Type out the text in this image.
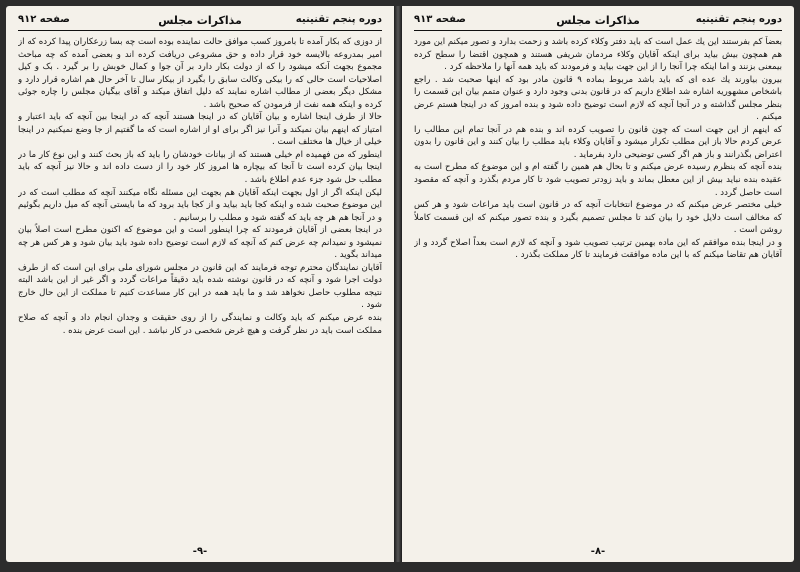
دوره پنجم تقنینیه
مذاکرات مجلس
صفحه ۹۱۲

از دوزی که بکار آمده تا بامروز کسب موافق حالت نماینده بوده است چه بسا زرعکاران پیدا کرده که از امیر بمدروعه بالایسه خود قرار داده و حق مشروعی دریافت کرده اند و بعضی آمده که چه مباحث مجموع بجهت آنکه میشود را که از دولت بکار دارد بر آن جوا و کمال خوبش را بر گیرد . بک و کیل اصلاحیات است حالی که را بیکی وکالت سابق را بگیرد از بیکار سال تا آخر حال هم اشاره قرار دارد و مشکل دیگر بعضی از مطالب اشاره نمایند که دلیل اتفاق میکند و آقای بیگیان مجلس را چاره جوئی کرده و اینکه همه نفت از فرمودن که صحیح باشد .

حالا از طرف اینجا اشاره و بیان آقایان که در اینجا هستند آنچه که در اینجا بین آنچه که باید اعتبار و امتیاز که اینهم بیان نمیکند و آنرا نیز اگر برای او از اشاره است که ما گفتیم از جا وضع نمیکنیم در اینجا خیلی از خیال ها مختلف است .

اینطور که من فهمیده ام خیلی هستند که از بیانات خودشان را باید که باز بحث کنند و این نوع کار ما در اینجا بیان کرده است تا آنجا که بیچاره ها امروز کار خود را از دست داده اند و حالا نیز آنچه که باید مطلب حل شود جزء عدم اطلاع باشد .

لیکن اینکه اگر از اول بجهت اینکه آقایان هم بجهت این مسئله نگاه میکنند آنچه که مطلب است که در این موضوع صحبت شده و اینکه کجا باید بیاید و از کجا باید برود که ما بایستی آنچه که میل داریم بگوئیم و در آنجا هم هر چه باید که گفته شود و مطلب را برسانیم .

در اینجا بعضی از آقایان فرمودند که چرا اینطور است و این موضوع که اکنون مطرح است اصلاً بیان نمیشود و نمیدانم چه عرض کنم که آنچه که لازم است توضیح داده شود باید بیان شود و هر کس هر چه میداند بگوید .

آقایان نمایندگان محترم توجه فرمایند که این قانون در مجلس شورای ملی برای این است که از طرف دولت اجرا شود و آنچه که در قانون نوشته شده باید دقیقاً مراعات گردد و اگر غیر از این باشد البته نتیجه مطلوب حاصل نخواهد شد و ما باید همه در این کار مساعدت کنیم تا مملکت از این حال خارج شود .

بنده عرض میکنم که باید وکالت و نمایندگی را از روی حقیقت و وجدان انجام داد و آنچه که صلاح مملکت است باید در نظر گرفت و هیچ غرض شخصی در کار نباشد . این است عرض بنده .

-۹-
دوره پنجم تقنینیه
مذاکرات مجلس
صفحه ۹۱۳

بعضاً کم بفرستند این یك عمل است که باید دفتر وکلاء کرده باشد و زحمت بدارد و تصور میکنم این مورد هم همچون بیش بیاید برای اینکه آقایان وکلاء مردمان شریفی هستند و همچون اقتضا را سطح کرده بیمعنی بزنند و اما اینکه چرا آنجا را از این جهت بیاید و فرمودند که باید همه آنها را ملاحظه کرد .

بیرون بیاورند یك عده ای که باید باشد مربوط بماده ۹ قانون مادر بود که اینها صحبت شد . راجع باشخاص مشهوریه اشاره شد اطلاع داریم که در قانون بدنی وجود دارد و عنوان متمم بیان این قسمت را بنظر مجلس گذاشته و در آنجا آنچه که لازم است توضیح داده شود و بنده امروز که در اینجا هستم عرض میکنم .

که اینهم از این جهت است که چون قانون را تصویب کرده اند و بنده هم در آنجا تمام این مطالب را عرض کردم حالا باز این مطلب تکرار میشود و آقایان وکلاء باید مطلب را بیان کنند و این قانون را بدون اعتراض بگذرانند و باز هم اگر کسی توضیحی دارد بفرماید .

بنده آنچه که بنظرم رسیده عرض میکنم و تا بحال هم همین را گفته ام و این موضوع که مطرح است به عقیده بنده نباید بیش از این معطل بماند و باید زودتر تصویب شود تا کار مردم بگذرد و آنچه که مقصود است حاصل گردد .

خیلی مختصر عرض میکنم که در موضوع انتخابات آنچه که در قانون است باید مراعات شود و هر کس که مخالف است دلایل خود را بیان کند تا مجلس تصمیم بگیرد و بنده تصور میکنم که این قسمت کاملاً روشن است .

و در اینجا بنده موافقم که این ماده بهمین ترتیب تصویب شود و آنچه که لازم است بعداً اصلاح گردد و از آقایان هم تقاضا میکنم که با این ماده موافقت فرمایند تا کار مملکت بگذرد .

-۸-
